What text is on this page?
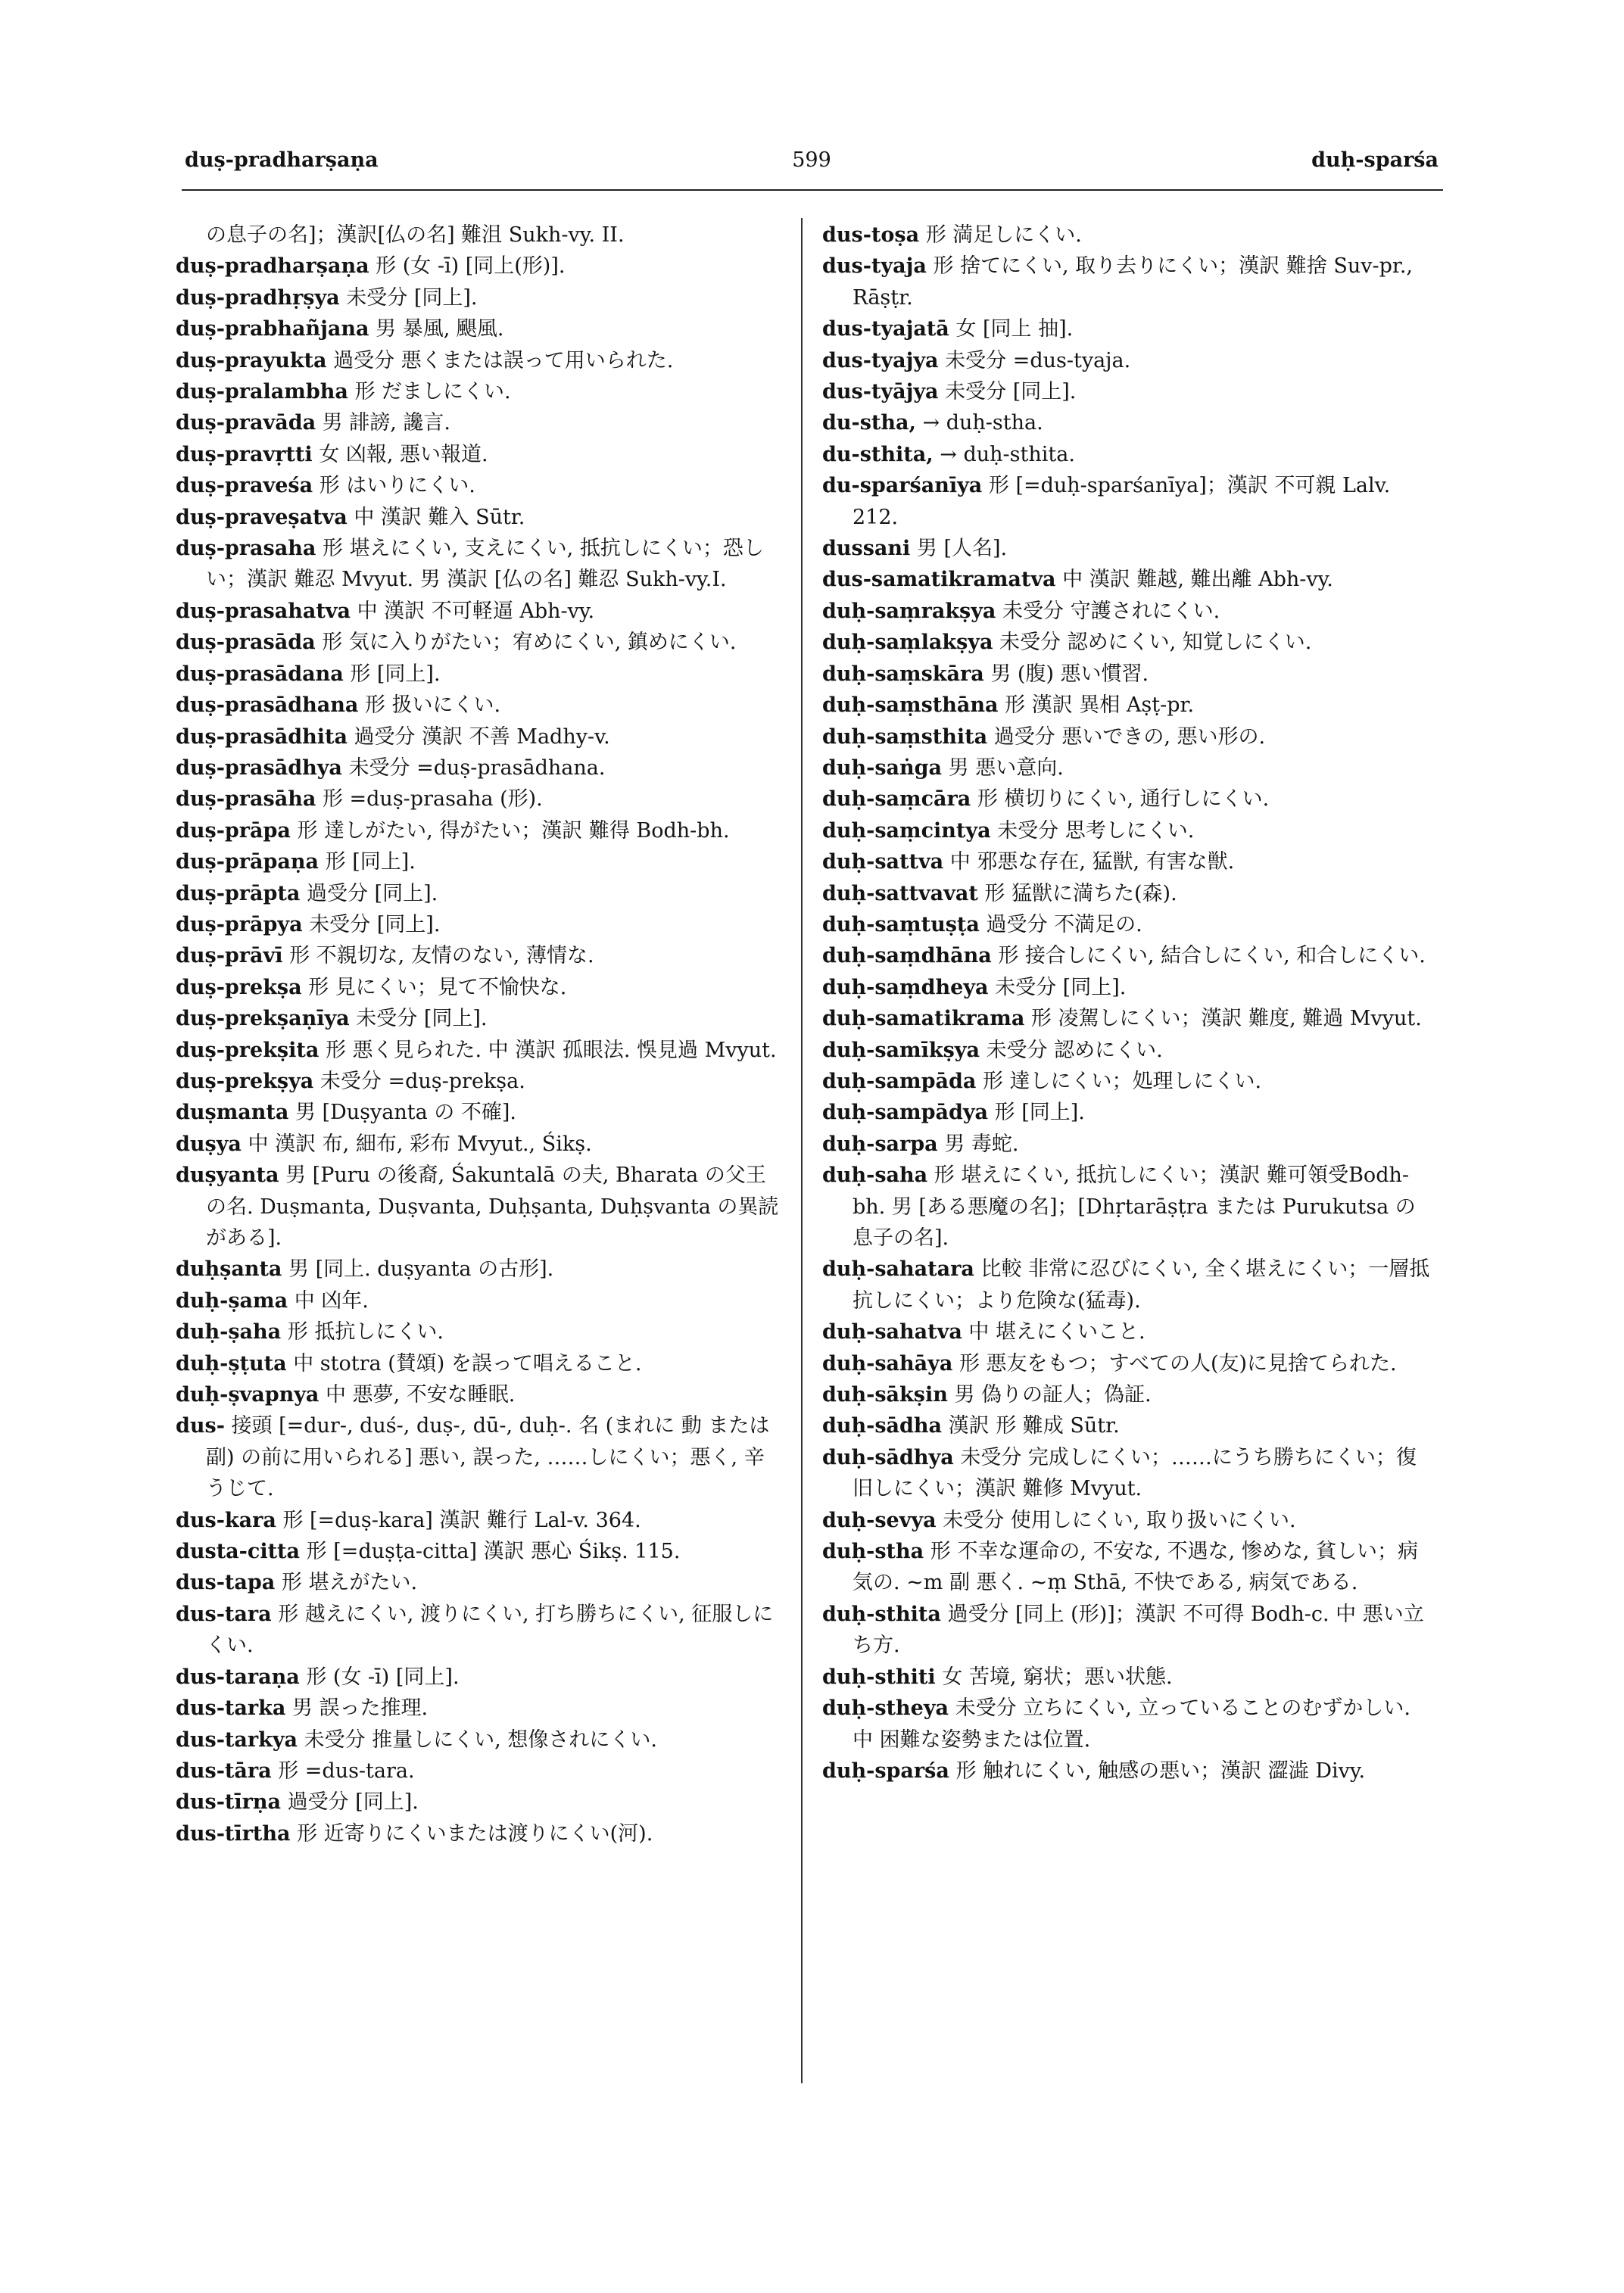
duṣ-pradharṣaṇa	599	duḥ-sparśa
の息子の名]；漢訳[仏の名] 難沮 Sukh-vy. II.
duṣ-pradharṣaṇa 形 (女 -ī) [同上(形)].
duṣ-pradhṛṣya 未受分 [同上].
duṣ-prabhañjana 男 暴風, 颶風.
duṣ-prayukta 過受分 悪くまたは誤って用いられた.
duṣ-pralambha 形 だましにくい.
duṣ-pravāda 男 誹謗, 讒言.
duṣ-pravṛtti 女 凶報, 悪い報道.
duṣ-praveśa 形 はいりにくい.
duṣ-praveṣatva 中 漢訳 難入 Sūtr.
duṣ-prasaha 形 堪えにくい, 支えにくい, 抵抗しにくい；恐しい；漢訳 難忍 Mvyut. 男 漢訳 [仏の名] 難忍 Sukh-vy.I.
duṣ-prasahatva 中 漢訳 不可軽逼 Abh-vy.
duṣ-prasāda 形 気に入りがたい；宥めにくい, 鎮めにくい.
duṣ-prasādana 形 [同上].
duṣ-prasādhana 形 扱いにくい.
duṣ-prasādhita 過受分 漢訳 不善 Madhy-v.
duṣ-prasādhya 未受分 =duṣ-prasādhana.
duṣ-prasāha 形 =duṣ-prasaha (形).
duṣ-prāpa 形 達しがたい, 得がたい；漢訳 難得 Bodh-bh.
duṣ-prāpaṇa 形 [同上].
duṣ-prāpta 過受分 [同上].
duṣ-prāpya 未受分 [同上].
duṣ-prāvī 形 不親切な, 友情のない, 薄情な.
duṣ-prekṣa 形 見にくい；見て不愉快な.
duṣ-prekṣaṇīya 未受分 [同上].
duṣ-prekṣita 形 悪く見られた. 中 漢訳 孤眼法. 悞見過 Mvyut.
duṣ-prekṣya 未受分 =duṣ-prekṣa.
duṣmanta 男 [Duṣyanta の 不確].
duṣya 中 漢訳 布, 細布, 彩布 Mvyut., Śikṣ.
duṣyanta 男 [Puru の後裔, Śakuntalā の夫, Bharata の父王の名. Duṣmanta, Duṣvanta, Duḥṣanta, Duḥṣvanta の異読がある].
duḥṣanta 男 [同上. duṣyanta の古形].
duḥ-ṣama 中 凶年.
duḥ-ṣaha 形 抵抗しにくい.
duḥ-ṣṭuta 中 stotra (賛頌) を誤って唱えること.
duḥ-ṣvapnya 中 悪夢, 不安な睡眠.
dus- 接頭 [=dur-, duś-, duṣ-, dū-, duḥ-. 名 (まれに 動 または 副) の前に用いられる] 悪い, 誤った, ……しにくい；悪く, 辛うじて.
dus-kara 形 [=duṣ-kara] 漢訳 難行 Lal-v. 364.
dusta-citta 形 [=duṣṭa-citta] 漢訳 悪心 Śikṣ. 115.
dus-tapa 形 堪えがたい.
dus-tara 形 越えにくい, 渡りにくい, 打ち勝ちにくい, 征服しにくい.
dus-taraṇa 形 (女 -ī) [同上].
dus-tarka 男 誤った推理.
dus-tarkya 未受分 推量しにくい, 想像されにくい.
dus-tāra 形 =dus-tara.
dus-tīrṇa 過受分 [同上].
dus-tīrtha 形 近寄りにくいまたは渡りにくい(河).
dus-toṣa 形 満足しにくい.
dus-tyaja 形 捨てにくい, 取り去りにくい；漢訳 難捨 Suv-pr., Rāṣṭr.
dus-tyajatā 女 [同上 抽].
dus-tyajya 未受分 =dus-tyaja.
dus-tyājya 未受分 [同上].
du-stha, → duḥ-stha.
du-sthita, → duḥ-sthita.
du-sparśanīya 形 [=duḥ-sparśanīya]；漢訳 不可親 Lalv. 212.
dussani 男 [人名].
dus-samatikramatva 中 漢訳 難越, 難出離 Abh-vy.
duḥ-saṃrakṣya 未受分 守護されにくい.
duḥ-saṃlakṣya 未受分 認めにくい, 知覚しにくい.
duḥ-saṃskāra 男 (腹) 悪い慣習.
duḥ-saṃsthāna 形 漢訳 異相 Aṣṭ-pr.
duḥ-saṃsthita 過受分 悪いできの, 悪い形の.
duḥ-saṅga 男 悪い意向.
duḥ-saṃcāra 形 横切りにくい, 通行しにくい.
duḥ-saṃcintya 未受分 思考しにくい.
duḥ-sattva 中 邪悪な存在, 猛獣, 有害な獣.
duḥ-sattvavat 形 猛獣に満ちた(森).
duḥ-saṃtuṣṭa 過受分 不満足の.
duḥ-saṃdhāna 形 接合しにくい, 結合しにくい, 和合しにくい.
duḥ-saṃdheya 未受分 [同上].
duḥ-samatikrama 形 凌駕しにくい；漢訳 難度, 難過 Mvyut.
duḥ-samīkṣya 未受分 認めにくい.
duḥ-sampāda 形 達しにくい；処理しにくい.
duḥ-sampādya 形 [同上].
duḥ-sarpa 男 毒蛇.
duḥ-saha 形 堪えにくい, 抵抗しにくい；漢訳 難可領受Bodh-bh. 男 [ある悪魔の名]；[Dhṛtarāṣṭra または Purukutsa の息子の名].
duḥ-sahatara 比較 非常に忍びにくい, 全く堪えにくい；一層抵抗しにくい；より危険な(猛毒).
duḥ-sahatva 中 堪えにくいこと.
duḥ-sahāya 形 悪友をもつ；すべての人(友)に見捨てられた.
duḥ-sākṣin 男 偽りの証人；偽証.
duḥ-sādha 漢訳 形 難成 Sūtr.
duḥ-sādhya 未受分 完成しにくい；……にうち勝ちにくい；復旧しにくい；漢訳 難修 Mvyut.
duḥ-sevya 未受分 使用しにくい, 取り扱いにくい.
duḥ-stha 形 不幸な運命の, 不安な, 不遇な, 惨めな, 貧しい；病気の. ~m 副 悪く. ~ṃ Sthā, 不快である, 病気である.
duḥ-sthita 過受分 [同上 (形)]；漢訳 不可得 Bodh-c. 中 悪い立ち方.
duḥ-sthiti 女 苦境, 窮状；悪い状態.
duḥ-stheya 未受分 立ちにくい, 立っていることのむずかしい. 中 困難な姿勢または位置.
duḥ-sparśa 形 触れにくい, 触感の悪い；漢訳 澀澁 Divy.
